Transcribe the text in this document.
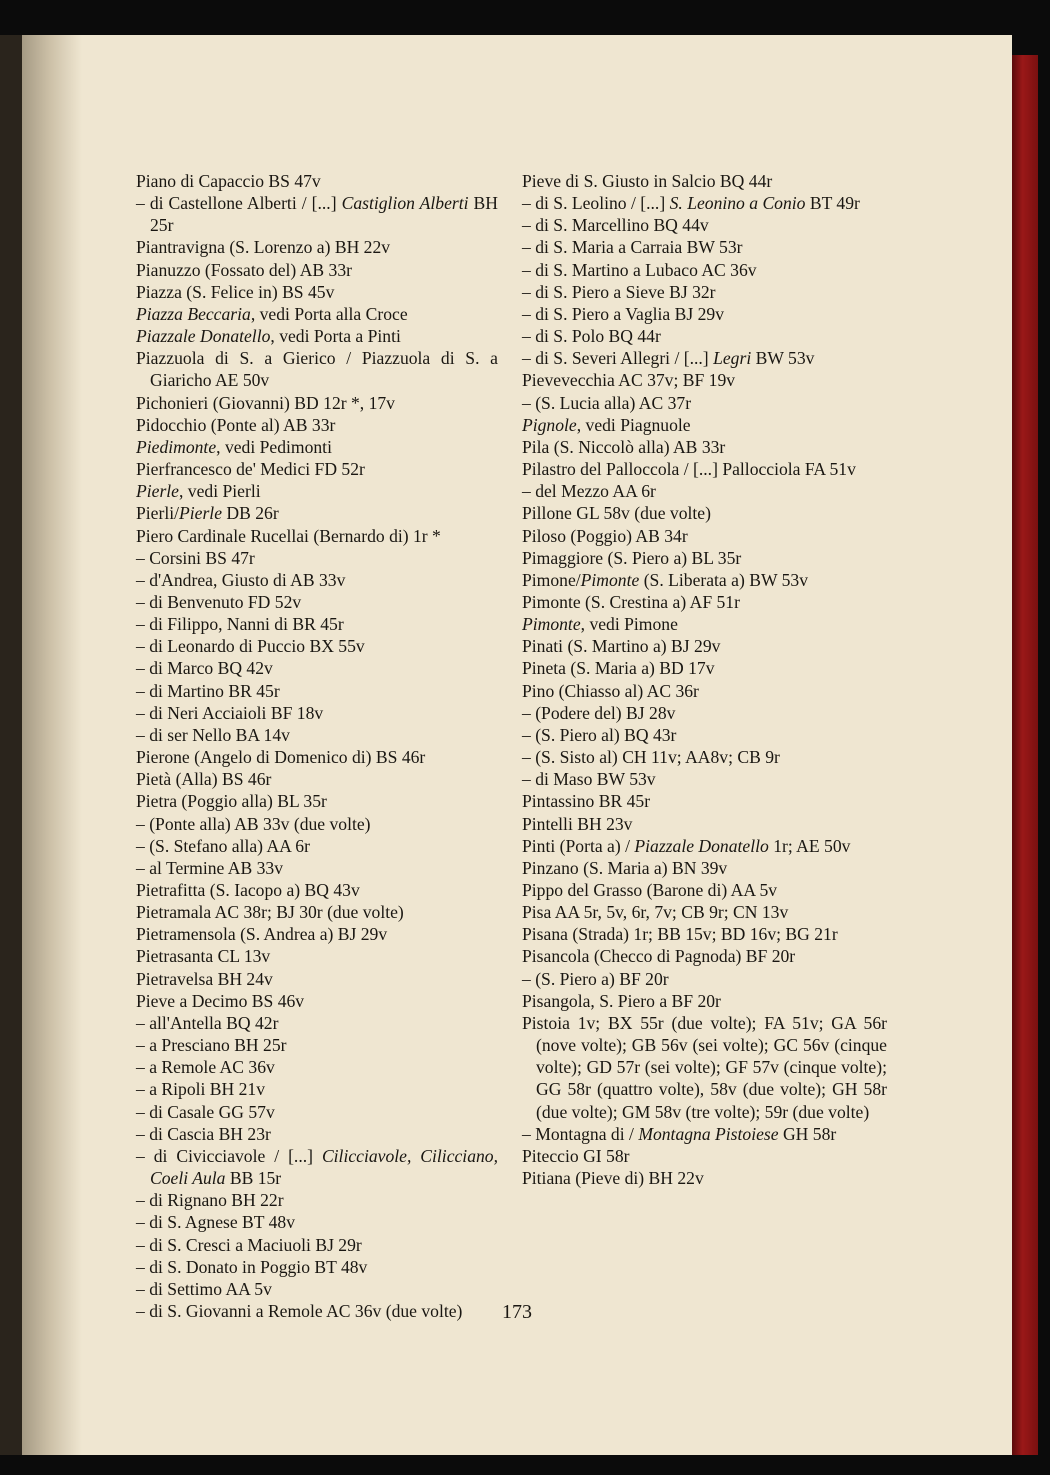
Piano di Capaccio BS 47v
– di Castellone Alberti / [...] Castiglion Alberti BH 25r
Piantravigna (S. Lorenzo a) BH 22v
Pianuzzo (Fossato del) AB 33r
Piazza (S. Felice in) BS 45v
Piazza Beccaria, vedi Porta alla Croce
Piazzale Donatello, vedi Porta a Pinti
Piazzuola di S. a Gierico / Piazzuola di S. a Giaricho AE 50v
Pichonieri (Giovanni) BD 12r *, 17v
Pidocchio (Ponte al) AB 33r
Piedimonte, vedi Pedimonti
Pierfrancesco de' Medici FD 52r
Pierle, vedi Pierli
Pierli/Pierle DB 26r
Piero Cardinale Rucellai (Bernardo di) 1r *
– Corsini BS 47r
– d'Andrea, Giusto di AB 33v
– di Benvenuto FD 52v
– di Filippo, Nanni di BR 45r
– di Leonardo di Puccio BX 55v
– di Marco BQ 42v
– di Martino BR 45r
– di Neri Acciaioli BF 18v
– di ser Nello BA 14v
Pierone (Angelo di Domenico di) BS 46r
Pietà (Alla) BS 46r
Pietra (Poggio alla) BL 35r
– (Ponte alla) AB 33v (due volte)
– (S. Stefano alla) AA 6r
– al Termine AB 33v
Pietrafitta (S. Iacopo a) BQ 43v
Pietramala AC 38r; BJ 30r (due volte)
Pietramensola (S. Andrea a) BJ 29v
Pietrasanta CL 13v
Pietravelsa BH 24v
Pieve a Decimo BS 46v
– all'Antella BQ 42r
– a Presciano BH 25r
– a Remole AC 36v
– a Ripoli BH 21v
– di Casale GG 57v
– di Cascia BH 23r
– di Civicciavole / [...] Cilicciavole, Cilicciano, Coeli Aula BB 15r
– di Rignano BH 22r
– di S. Agnese BT 48v
– di S. Cresci a Maciuoli BJ 29r
– di S. Donato in Poggio BT 48v
– di Settimo AA 5v
– di S. Giovanni a Remole AC 36v (due volte)
Pieve di S. Giusto in Salcio BQ 44r
– di S. Leolino / [...] S. Leonino a Conio BT 49r
– di S. Marcellino BQ 44v
– di S. Maria a Carraia BW 53r
– di S. Martino a Lubaco AC 36v
– di S. Piero a Sieve BJ 32r
– di S. Piero a Vaglia BJ 29v
– di S. Polo BQ 44r
– di S. Severi Allegri / [...] Legri BW 53v
Pievevecchia AC 37v; BF 19v
– (S. Lucia alla) AC 37r
Pignole, vedi Piagnuole
Pila (S. Niccolò alla) AB 33r
Pilastro del Palloccola / [...] Pallocciola FA 51v
– del Mezzo AA 6r
Pillone GL 58v (due volte)
Piloso (Poggio) AB 34r
Pimaggiore (S. Piero a) BL 35r
Pimone/Pimonte (S. Liberata a) BW 53v
Pimonte (S. Crestina a) AF 51r
Pimonte, vedi Pimone
Pinati (S. Martino a) BJ 29v
Pineta (S. Maria a) BD 17v
Pino (Chiasso al) AC 36r
– (Podere del) BJ 28v
– (S. Piero al) BQ 43r
– (S. Sisto al) CH 11v; AA8v; CB 9r
– di Maso BW 53v
Pintassino BR 45r
Pintelli BH 23v
Pinti (Porta a) / Piazzale Donatello 1r; AE 50v
Pinzano (S. Maria a) BN 39v
Pippo del Grasso (Barone di) AA 5v
Pisa AA 5r, 5v, 6r, 7v; CB 9r; CN 13v
Pisana (Strada) 1r; BB 15v; BD 16v; BG 21r
Pisancola (Checco di Pagnoda) BF 20r
– (S. Piero a) BF 20r
Pisangola, S. Piero a BF 20r
Pistoia 1v; BX 55r (due volte); FA 51v; GA 56r (nove volte); GB 56v (sei volte); GC 56v (cinque volte); GD 57r (sei volte); GF 57v (cinque volte); GG 58r (quattro volte), 58v (due volte); GH 58r (due volte); GM 58v (tre volte); 59r (due volte)
– Montagna di / Montagna Pistoiese GH 58r
Piteccio GI 58r
Pitiana (Pieve di) BH 22v
173
